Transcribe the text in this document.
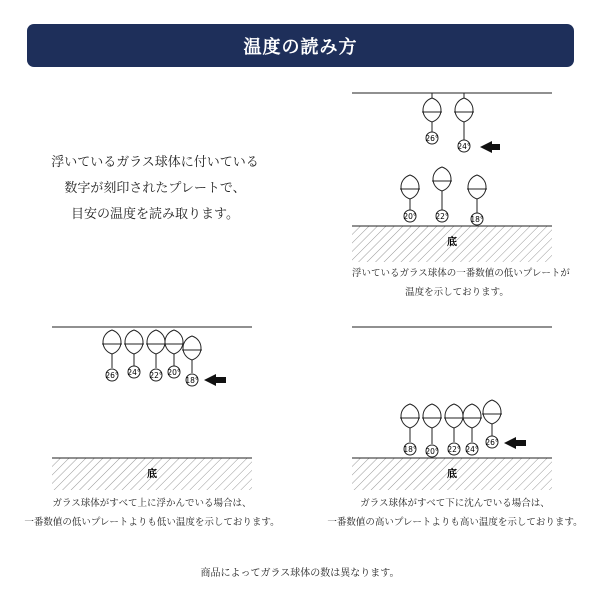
温度の読み方
浮いているガラス球体に付いている
数字が刻印されたプレートで、
目安の温度を読み取ります。
26°
24°
20° 22°	18°
底
浮いているガラス球体の一番数値の低いプレートが
温度を示しております。
26° 24° 22° 20°
18°
底
ガラス球体がすべて上に浮かんでいる場合は、
一番数値の低いプレートよりも低い温度を示しております。
18° 20° 22° 24°
26°
底
ガラス球体がすべて下に沈んでいる場合は、
一番数値の高いプレートよりも高い温度を示しております。
商品によってガラス球体の数は異なります。
